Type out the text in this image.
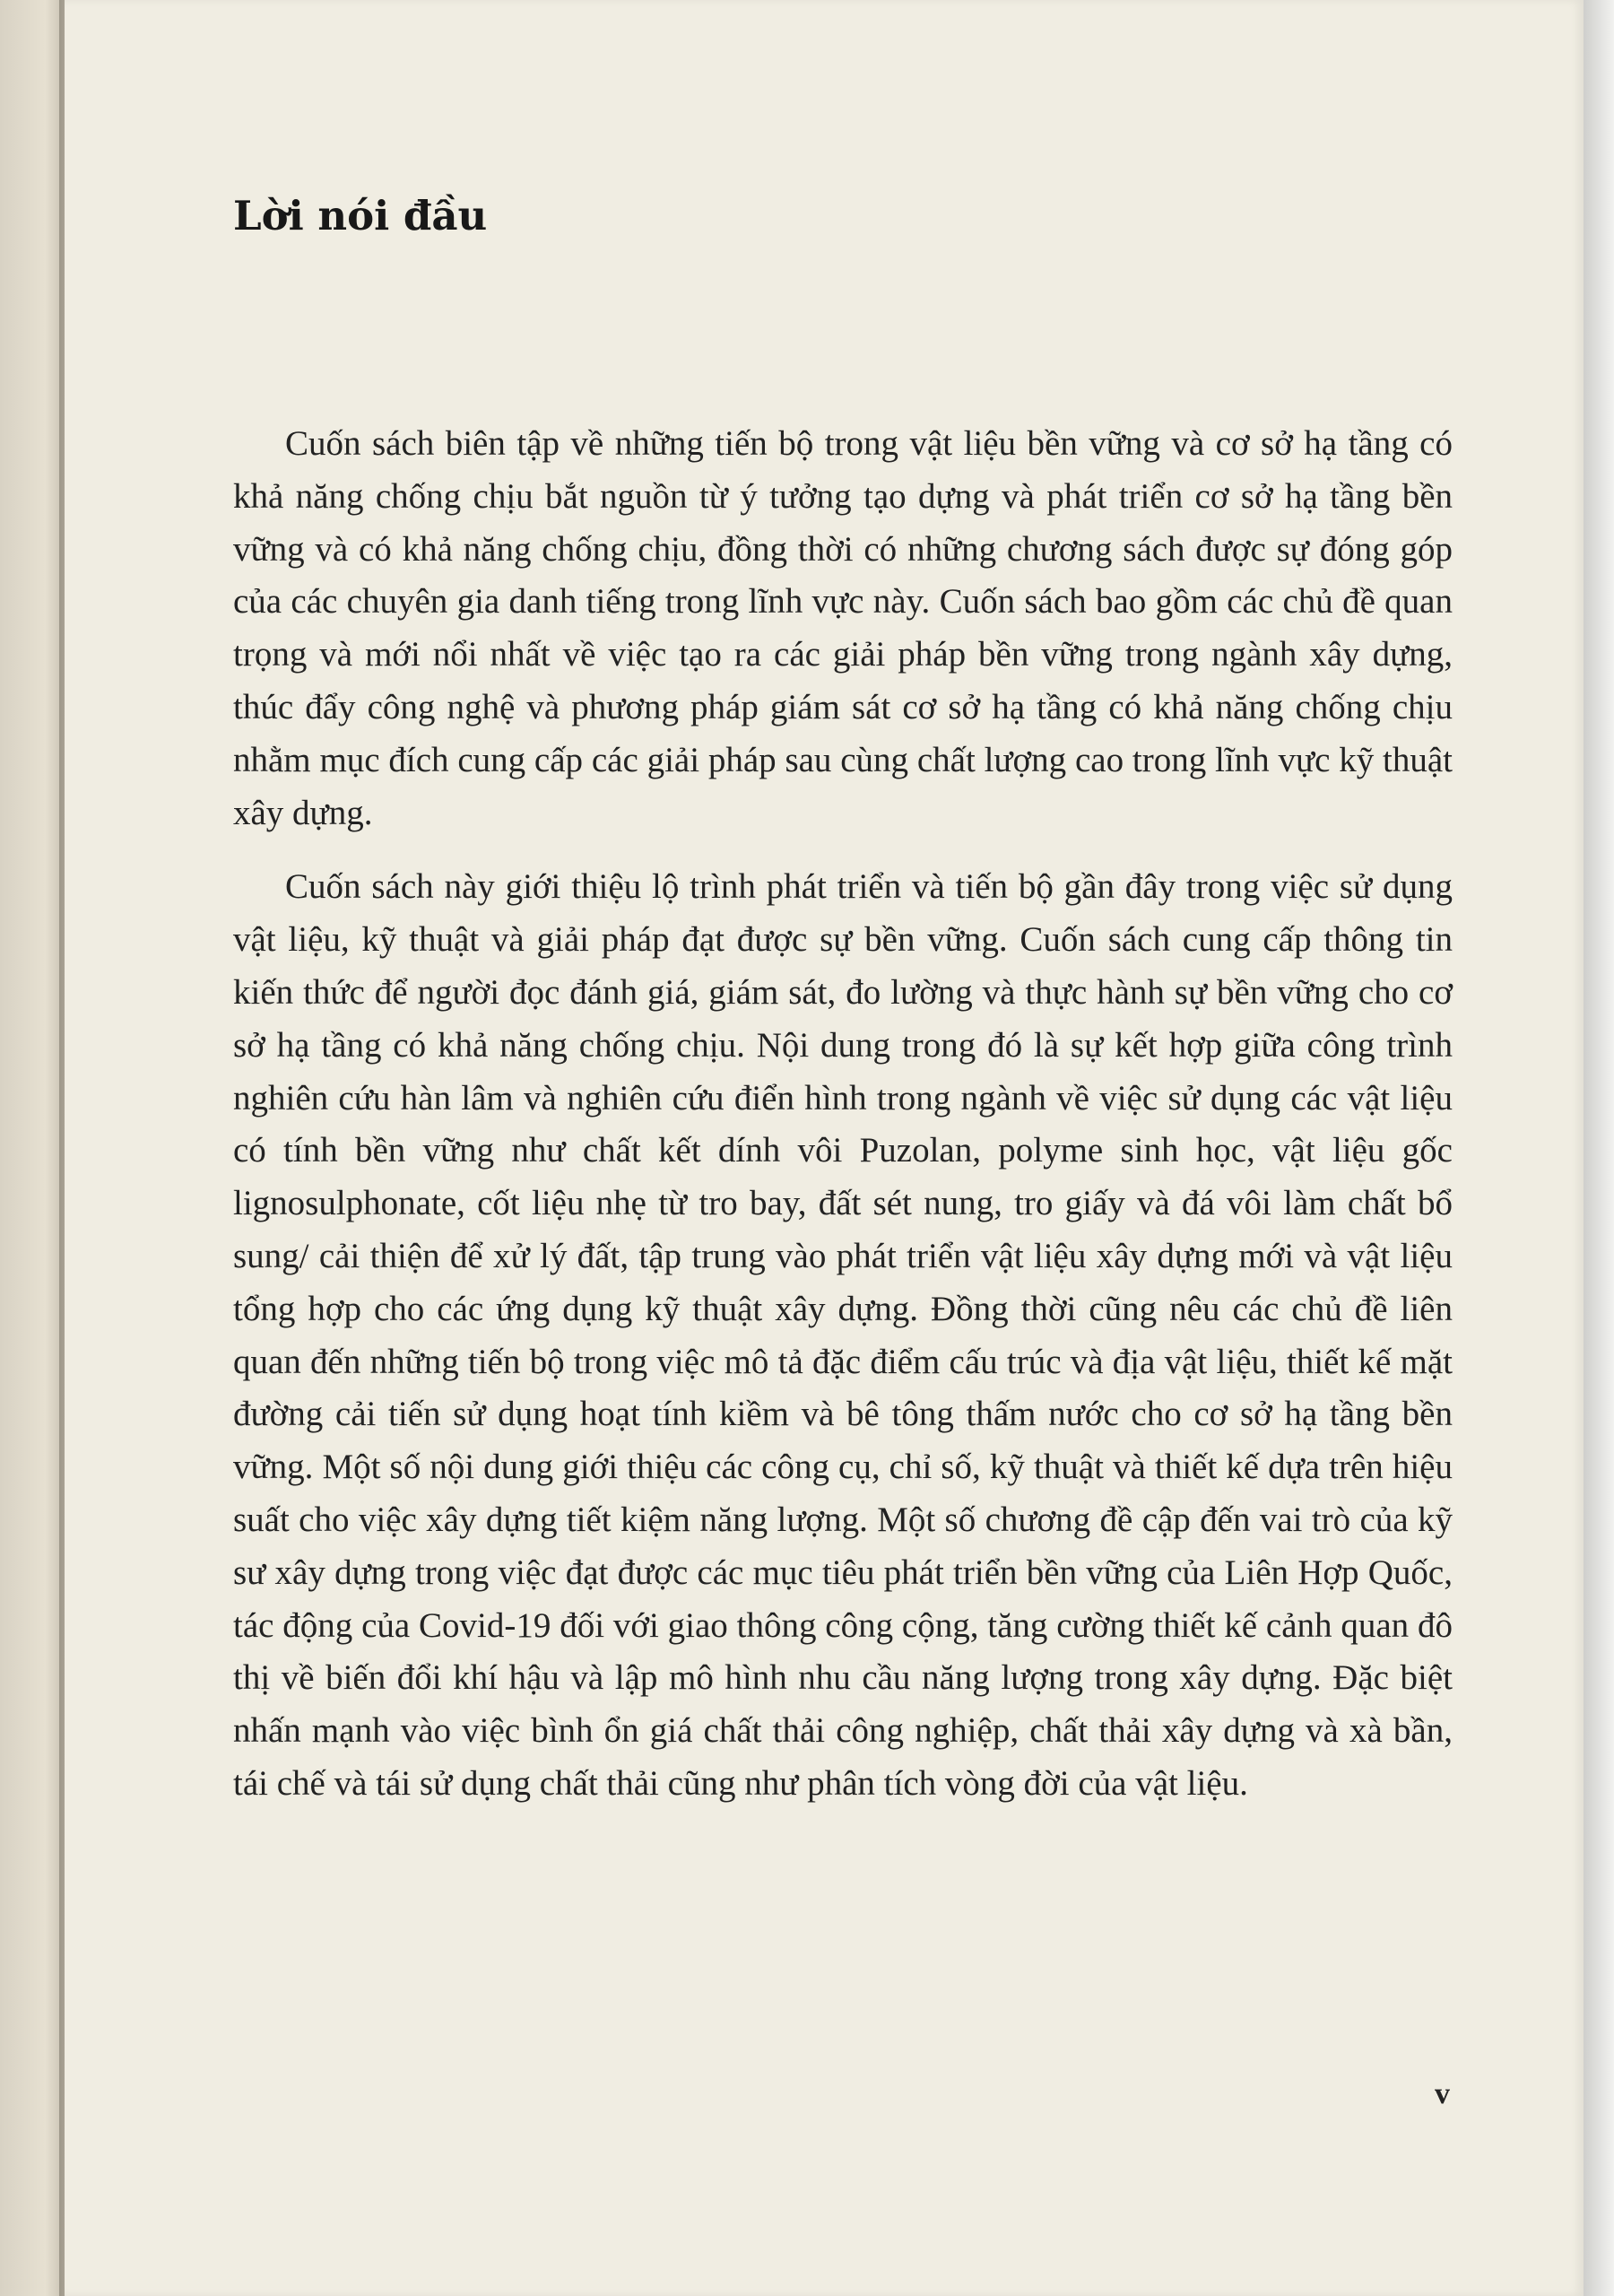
Lời nói đầu

Cuốn sách biên tập về những tiến bộ trong vật liệu bền vững và cơ sở hạ tầng có khả năng chống chịu bắt nguồn từ ý tưởng tạo dựng và phát triển cơ sở hạ tầng bền vững và có khả năng chống chịu, đồng thời có những chương sách được sự đóng góp của các chuyên gia danh tiếng trong lĩnh vực này. Cuốn sách bao gồm các chủ đề quan trọng và mới nổi nhất về việc tạo ra các giải pháp bền vững trong ngành xây dựng, thúc đẩy công nghệ và phương pháp giám sát cơ sở hạ tầng có khả năng chống chịu nhằm mục đích cung cấp các giải pháp sau cùng chất lượng cao trong lĩnh vực kỹ thuật xây dựng.

Cuốn sách này giới thiệu lộ trình phát triển và tiến bộ gần đây trong việc sử dụng vật liệu, kỹ thuật và giải pháp đạt được sự bền vững. Cuốn sách cung cấp thông tin kiến thức để người đọc đánh giá, giám sát, đo lường và thực hành sự bền vững cho cơ sở hạ tầng có khả năng chống chịu. Nội dung trong đó là sự kết hợp giữa công trình nghiên cứu hàn lâm và nghiên cứu điển hình trong ngành về việc sử dụng các vật liệu có tính bền vững như chất kết dính vôi Puzolan, polyme sinh học, vật liệu gốc lignosulphonate, cốt liệu nhẹ từ tro bay, đất sét nung, tro giấy và đá vôi làm chất bổ sung/ cải thiện để xử lý đất, tập trung vào phát triển vật liệu xây dựng mới và vật liệu tổng hợp cho các ứng dụng kỹ thuật xây dựng. Đồng thời cũng nêu các chủ đề liên quan đến những tiến bộ trong việc mô tả đặc điểm cấu trúc và địa vật liệu, thiết kế mặt đường cải tiến sử dụng hoạt tính kiềm và bê tông thấm nước cho cơ sở hạ tầng bền vững. Một số nội dung giới thiệu các công cụ, chỉ số, kỹ thuật và thiết kế dựa trên hiệu suất cho việc xây dựng tiết kiệm năng lượng. Một số chương đề cập đến vai trò của kỹ sư xây dựng trong việc đạt được các mục tiêu phát triển bền vững của Liên Hợp Quốc, tác động của Covid-19 đối với giao thông công cộng, tăng cường thiết kế cảnh quan đô thị về biến đổi khí hậu và lập mô hình nhu cầu năng lượng trong xây dựng. Đặc biệt nhấn mạnh vào việc bình ổn giá chất thải công nghiệp, chất thải xây dựng và xà bần, tái chế và tái sử dụng chất thải cũng như phân tích vòng đời của vật liệu.

v
